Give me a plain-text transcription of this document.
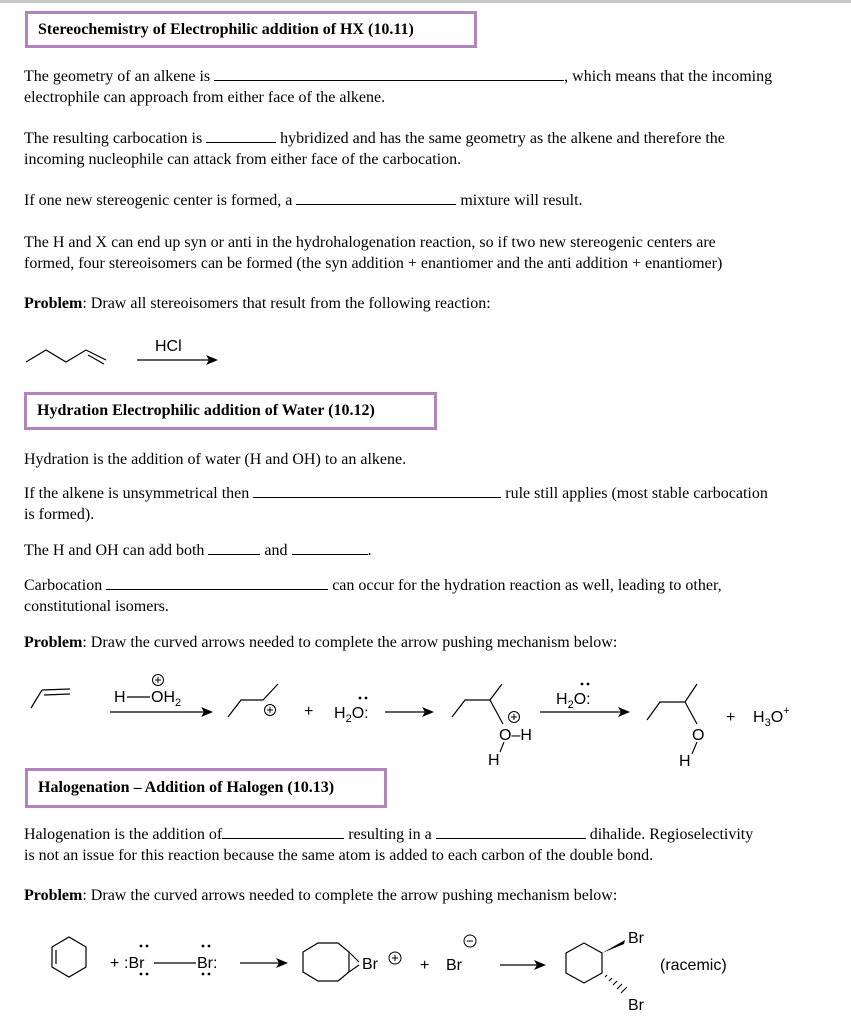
Stereochemistry of Electrophilic addition of HX (10.11)
The geometry of an alkene is	, which means that the incoming
electrophile can approach from either face of the alkene.
The resulting carbocation is	hybridized and has the same geometry as the alkene and therefore the
incoming nucleophile can attack from either face of the carbocation.
If one new stereogenic center is formed, a	mixture will result.
The H and X can end up syn or anti in the hydrohalogenation reaction, so if two new stereogenic centers are
formed, four stereoisomers can be formed (the syn addition + enantiomer and the anti addition + enantiomer)
Problem: Draw all stereoisomers that result from the following reaction:
HCl
Hydration Electrophilic addition of Water (10.12)
Hydration is the addition of water (H and OH) to an alkene.
If the alkene is unsymmetrical then	rule still applies (most stable carbocation
is formed).
The H and OH can add both	and	.
Carbocation	can occur for the hydration reaction as well, leading to other,
constitutional isomers.
Problem: Draw the curved arrows needed to complete the arrow pushing mechanism below:
H $OH_2$	+ $H_2O$:
O–H
H
$H_2O$:
O
H
+ $H_3O^+$
Halogenation – Addition of Halogen (10.13)
Halogenation is the addition of	resulting in a	dihalide. Regioselectivity
is not an issue for this reaction because the same atom is added to each carbon of the double bond.
Problem: Draw the curved arrows needed to complete the arrow pushing mechanism below:
+ :Br	Br:	Br	+ Br
Br
Br
(racemic)
